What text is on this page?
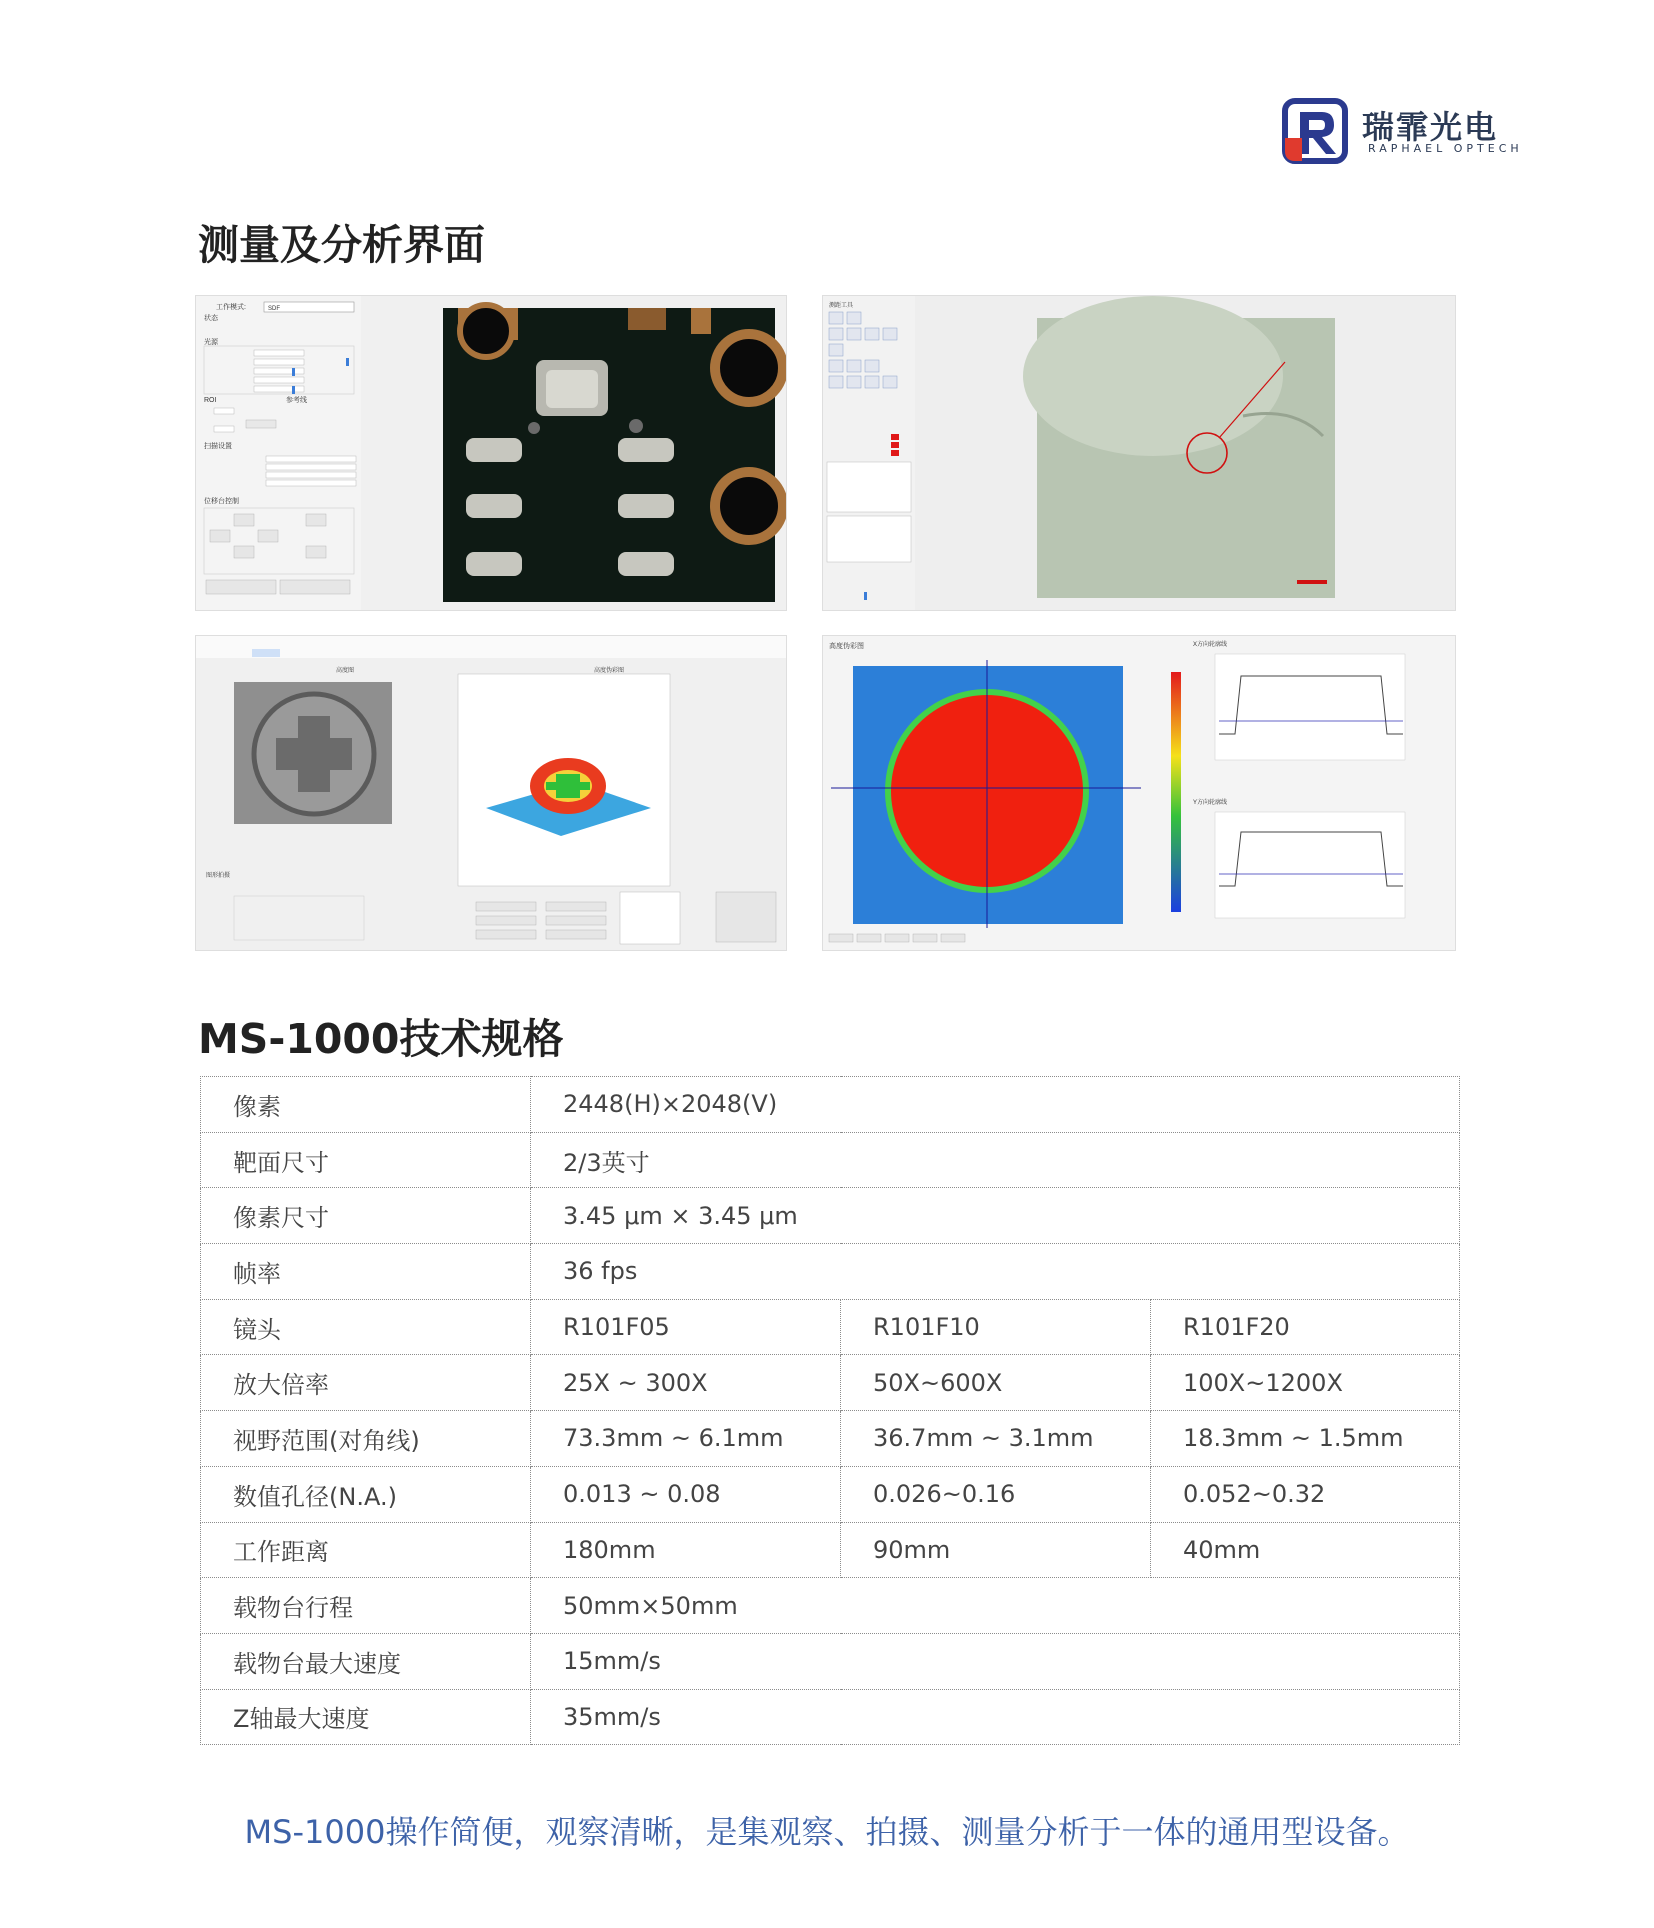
瑞霏光电
RAPHAEL OPTECH
测量及分析界面
工作模式:
状态
光源
ROI	参考线
扫描设置
位移台控制
SDF	测距工具
高度图	高度伪彩图
图形拍摄
高度伪彩图	X方向轮廓线
Y方向轮廓线
MS-1000技术规格
像素	2448(H)×2048(V)		
靶面尺寸	2/3英寸		
像素尺寸	3.45 μm × 3.45 μm		
帧率	36 fps		
镜头	R101F05	R101F10	R101F20
放大倍率	25X ~ 300X	50X~600X	100X~1200X
视野范围(对角线)	73.3mm ~ 6.1mm	36.7mm ~ 3.1mm	18.3mm ~ 1.5mm
数值孔径(N.A.)	0.013 ~ 0.08	0.026~0.16	0.052~0.32
工作距离	180mm	90mm	40mm
载物台行程	50mm×50mm		
载物台最大速度	15mm/s		
Z轴最大速度	35mm/s		
MS-1000操作简便，观察清晰，是集观察、拍摄、测量分析于一体的通用型设备。
